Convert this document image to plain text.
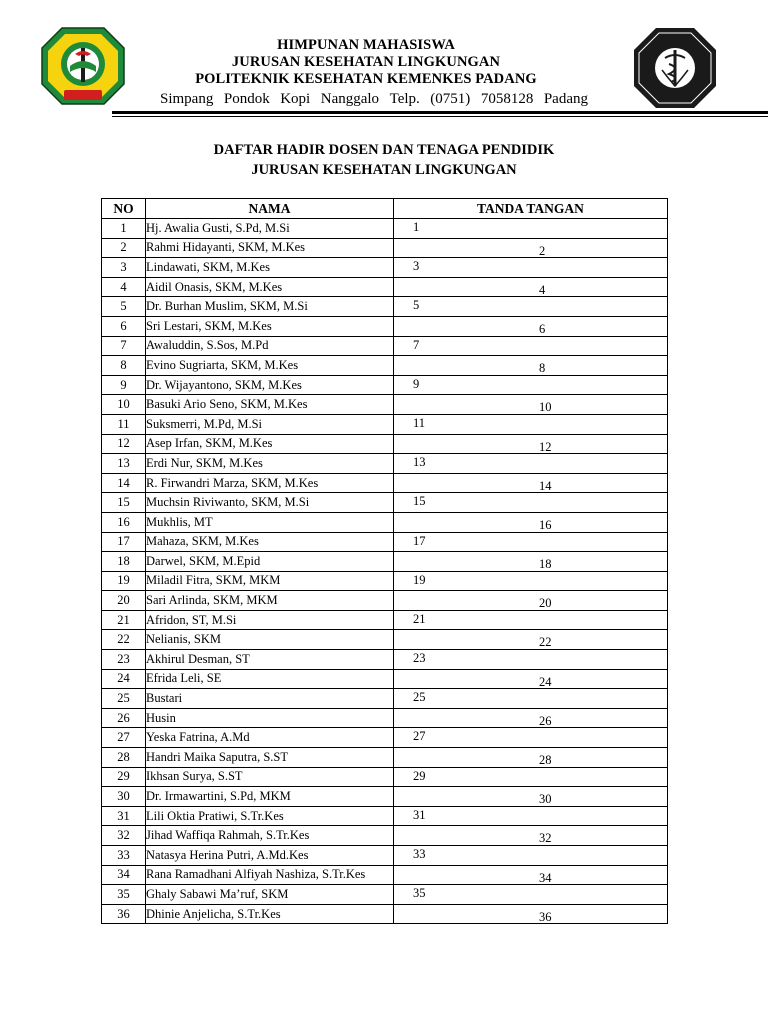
HIMPUNAN MAHASISWA
JURUSAN KESEHATAN LINGKUNGAN
POLITEKNIK KESEHATAN KEMENKES PADANG
Simpang Pondok Kopi Nanggalo Telp. (0751) 7058128 Padang
DAFTAR HADIR DOSEN DAN TENAGA PENDIDIK
JURUSAN KESEHATAN LINGKUNGAN
NO	NAMA	TANDA TANGAN
1	Hj. Awalia Gusti, S.Pd, M.Si	1

2	Rahmi Hidayanti, SKM, M.Kes	2

3	Lindawati, SKM, M.Kes	3

4	Aidil Onasis, SKM, M.Kes	4

5	Dr. Burhan Muslim, SKM, M.Si	5

6	Sri Lestari, SKM, M.Kes	6

7	Awaluddin, S.Sos, M.Pd	7

8	Evino Sugriarta, SKM, M.Kes	8

9	Dr. Wijayantono, SKM, M.Kes	9

10	Basuki Ario Seno, SKM, M.Kes	10

11	Suksmerri, M.Pd, M.Si	11

12	Asep Irfan, SKM, M.Kes	12

13	Erdi Nur, SKM, M.Kes	13

14	R. Firwandri Marza, SKM, M.Kes	14

15	Muchsin Riviwanto, SKM, M.Si	15

16	Mukhlis, MT	16

17	Mahaza, SKM, M.Kes	17

18	Darwel, SKM, M.Epid	18

19	Miladil Fitra, SKM, MKM	19

20	Sari Arlinda, SKM, MKM	20

21	Afridon, ST, M.Si	21

22	Nelianis, SKM	22

23	Akhirul Desman, ST	23

24	Efrida Leli, SE	24

25	Bustari	25

26	Husin	26

27	Yeska Fatrina, A.Md	27

28	Handri Maika Saputra, S.ST	28

29	Ikhsan Surya, S.ST	29

30	Dr. Irmawartini, S.Pd, MKM	30

31	Lili Oktia Pratiwi, S.Tr.Kes	31

32	Jihad Waffiqa Rahmah, S.Tr.Kes	32

33	Natasya Herina Putri, A.Md.Kes	33

34	Rana Ramadhani Alfiyah Nashiza, S.Tr.Kes	34

35	Ghaly Sabawi Ma’ruf, SKM	35

36	Dhinie Anjelicha, S.Tr.Kes	36
